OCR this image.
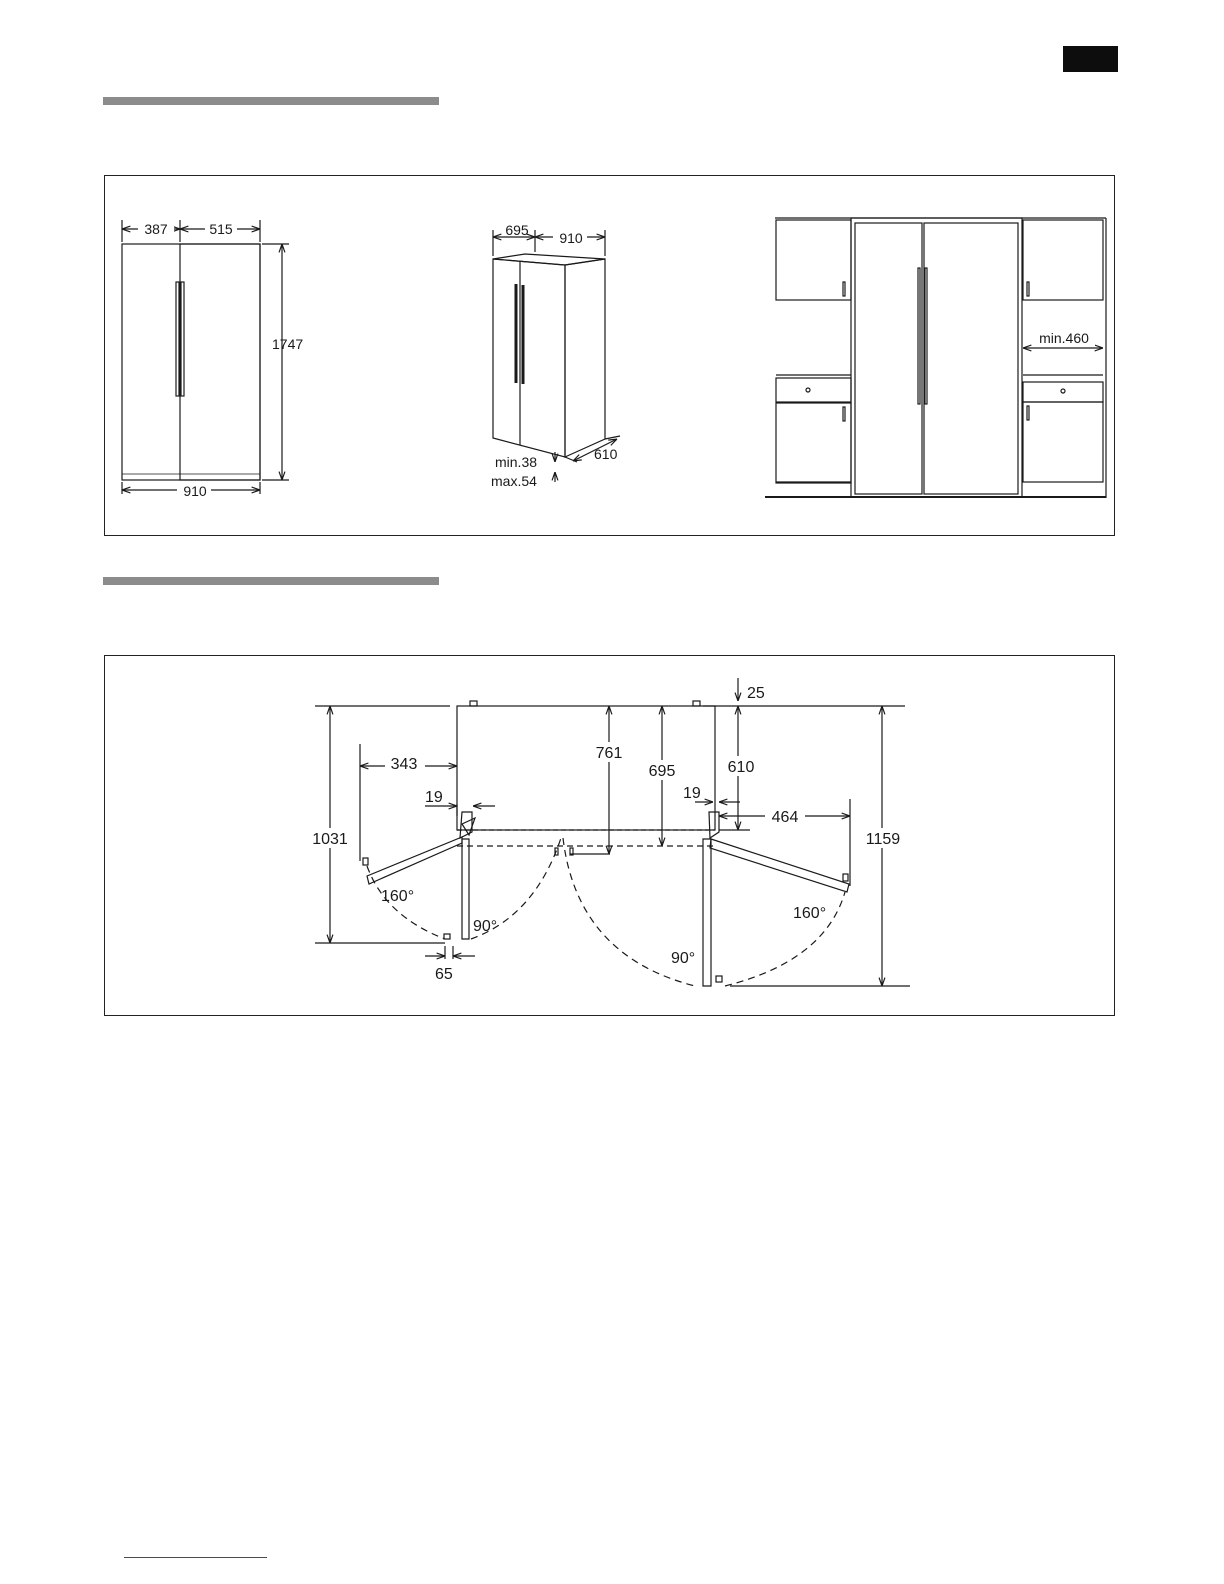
387	515
1747
910
695 910
610
min.38
max.54
min.460
343
19
1031
160°
90°
65
25
761
695	610
19
464
1159
160°
90°
